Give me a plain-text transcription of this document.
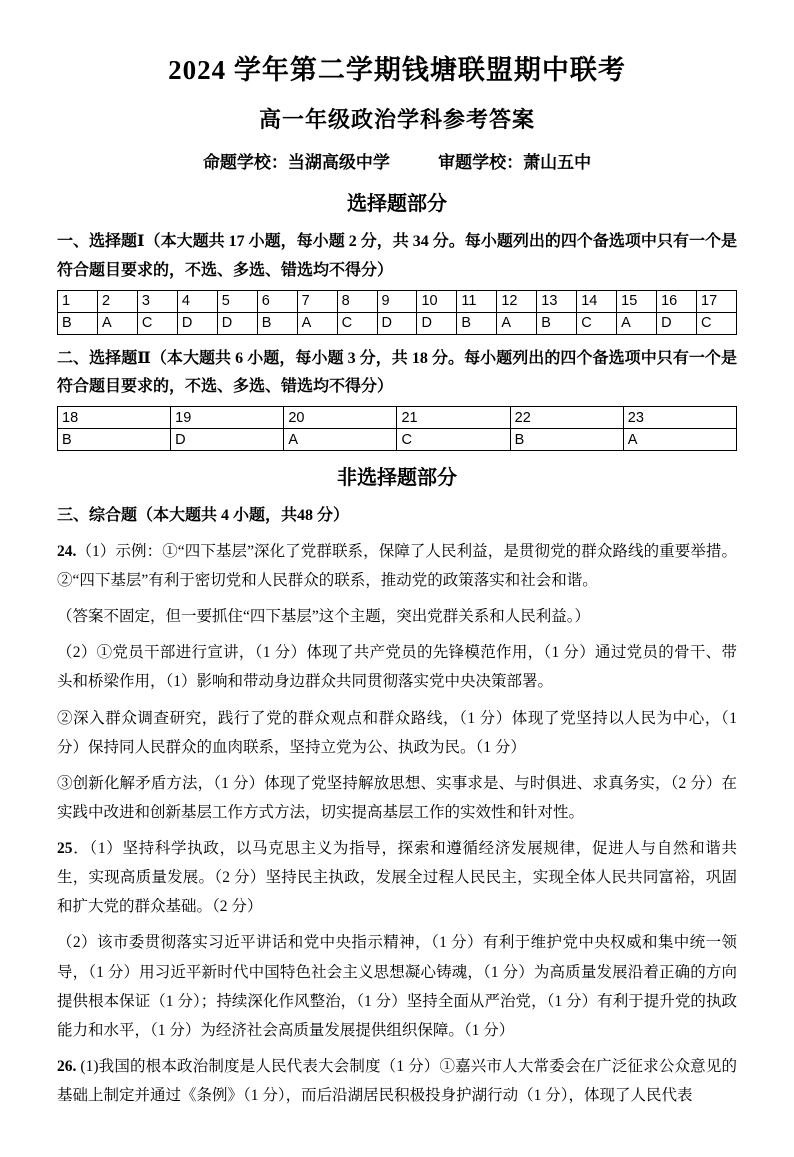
2024 学年第二学期钱塘联盟期中联考
高一年级政治学科参考答案
命题学校：当湖高级中学	审题学校：萧山五中
选择题部分

一、选择题Ⅰ（本大题共 17 小题，每小题 2 分，共 34 分。每小题列出的四个备选项中只有一个是符合题目要求的，不选、多选、错选均不得分）

1	2	3	4	5	6	7	8	9	10	11	12	13	14	15	16	17
B	A	C	D	D	B	A	C	D	D	B	A	B	C	A	D	C

二、选择题Ⅱ（本大题共 6 小题，每小题 3 分，共 18 分。每小题列出的四个备选项中只有一个是符合题目要求的，不选、多选、错选均不得分）

18	19	20	21	22	23
B	D	A	C	B	A
非选择题部分

三、综合题（本大题共 4 小题，共48 分）

24.（1）示例：①“四下基层”深化了党群联系，保障了人民利益，是贯彻党的群众路线的重要举措。②“四下基层”有利于密切党和人民群众的联系，推动党的政策落实和社会和谐。

（答案不固定，但一要抓住“四下基层”这个主题，突出党群关系和人民利益。）

（2）①党员干部进行宣讲，（1 分）体现了共产党员的先锋模范作用，（1 分）通过党员的骨干、带头和桥梁作用，（1）影响和带动身边群众共同贯彻落实党中央决策部署。

②深入群众调查研究，践行了党的群众观点和群众路线，（1 分）体现了党坚持以人民为中心，（1 分）保持同人民群众的血肉联系，坚持立党为公、执政为民。（1 分）

③创新化解矛盾方法，（1 分）体现了党坚持解放思想、实事求是、与时俱进、求真务实，（2 分）在实践中改进和创新基层工作方式方法，切实提高基层工作的实效性和针对性。

25．（1）坚持科学执政，以马克思主义为指导，探索和遵循经济发展规律，促进人与自然和谐共生，实现高质量发展。（2 分）坚持民主执政，发展全过程人民民主，实现全体人民共同富裕，巩固和扩大党的群众基础。（2 分）

（2）该市委贯彻落实习近平讲话和党中央指示精神，（1 分）有利于维护党中央权威和集中统一领导，（1 分）用习近平新时代中国特色社会主义思想凝心铸魂，（1 分）为高质量发展沿着正确的方向提供根本保证（1 分）；持续深化作风整治，（1 分）坚持全面从严治党，（1 分）有利于提升党的执政能力和水平，（1 分）为经济社会高质量发展提供组织保障。（1 分）

26. (1)我国的根本政治制度是人民代表大会制度（1 分）①嘉兴市人大常委会在广泛征求公众意见的基础上制定并通过《条例》（1 分），而后沿湖居民积极投身护湖行动（1 分），体现了人民代表
